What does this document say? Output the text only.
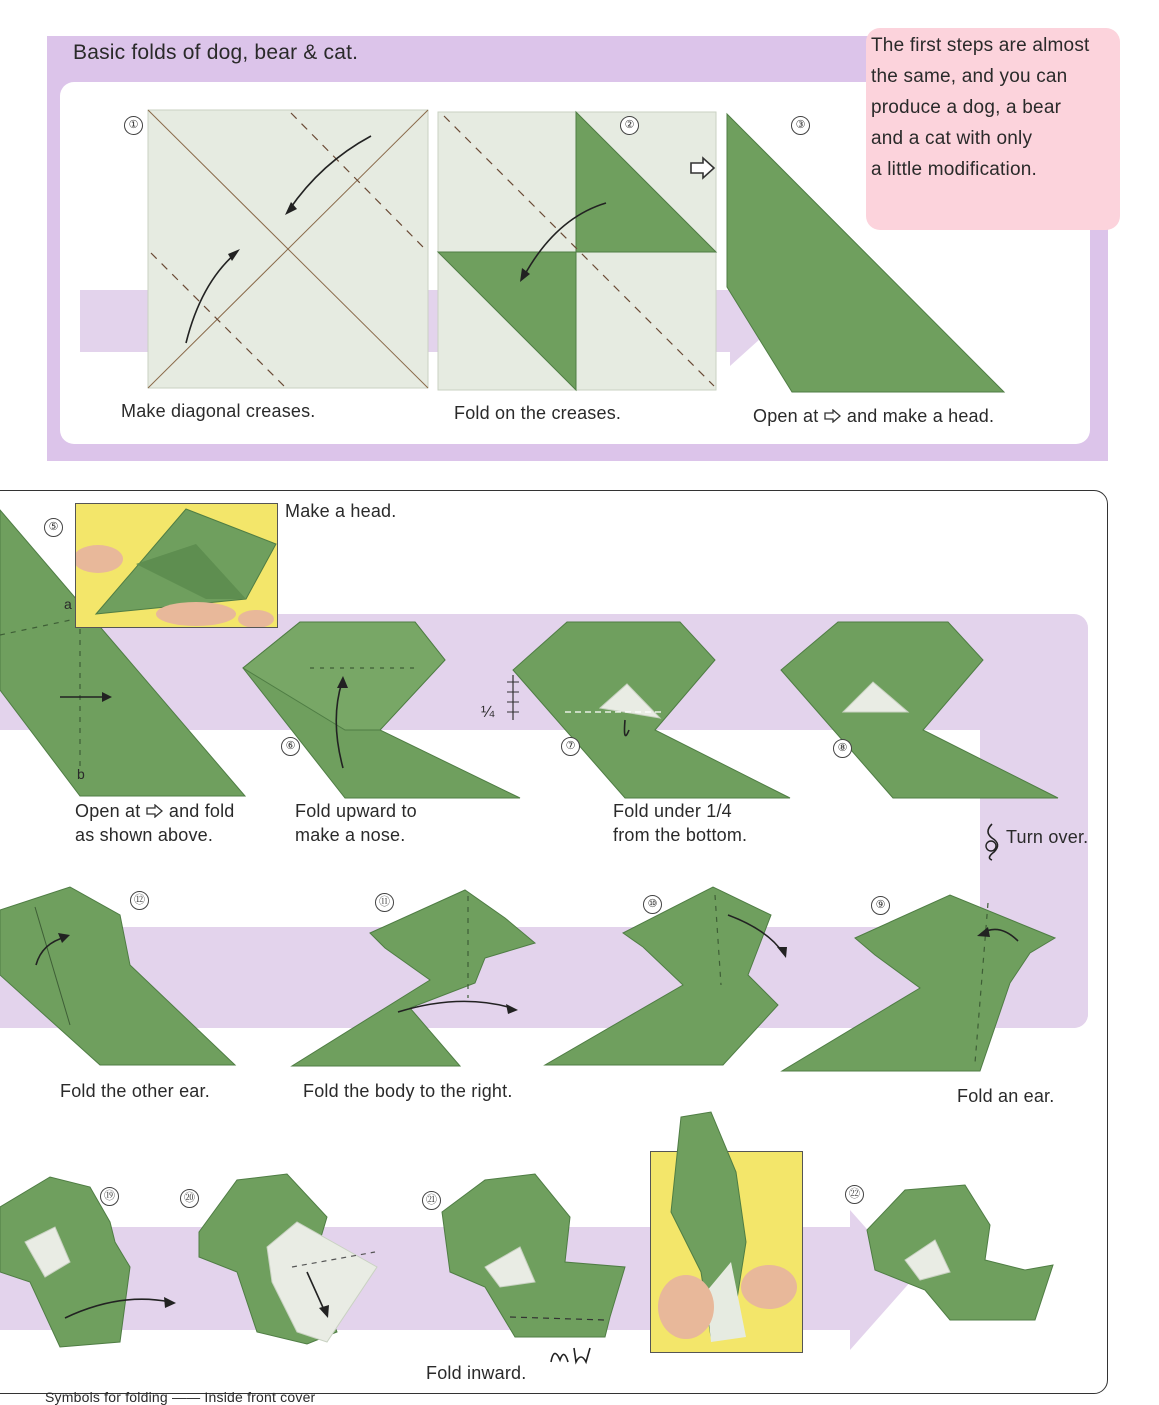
Basic folds of dog, bear & cat.	The first steps are almost
the same, and you can
produce a dog, a bear
and a cat with only
a little modification.
①	②	③
Make diagonal creases.	Fold on the creases.	Open at and make a head.
⑤
a
b
Make a head.
⑥
¼
⑦	⑧
Open at and fold
as shown above.
Fold upward to
make a nose.
Fold under 1/4
from the bottom.	Turn over.
⑫	⑪	⑩	⑨
Fold the other ear.	Fold the body to the right.	Fold an ear.
⑲	⑳	㉑
Fold inward.
㉒
Symbols for folding —— Inside front cover
